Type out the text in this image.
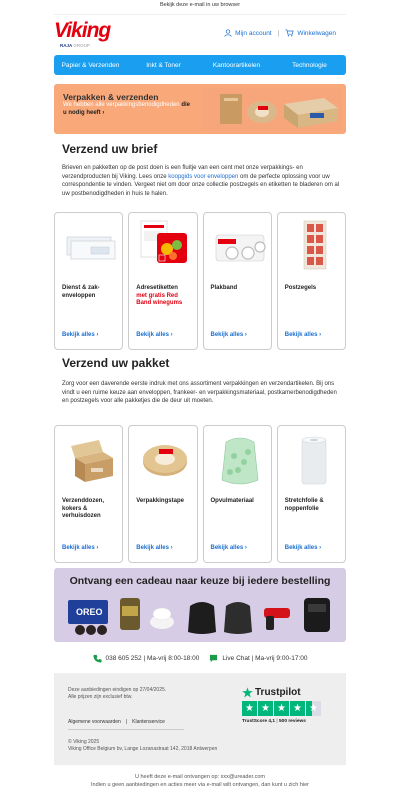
Bekijk deze e-mail in uw browser
Viking
RAJA GROUP
Mijn account |	Winkelwagen
Papier & Verzenden	Inkt & Toner	Kantoorartikelen	Technologie
Verpakken & verzenden
We hebben alle verpakkingsbenodigdheden die u nodig heeft ›
Verzend uw brief
Brieven en pakketten op de post doen is een fluitje van een cent met onze verpakkings- en verzendproducten bij Viking. Lees onze koopgids voor enveloppen om de perfecte oplossing voor uw correspondentie te vinden. Vergeet niet om door onze collectie postzegels en etiketten te bladeren om al uw postbenodigdheden in huis te halen.
Dienst & zak-enveloppen
Bekijk alles ›
Adresetiketten
met gratis Red Band winegums
Bekijk alles ›
Plakband
Bekijk alles ›
Postzegels
Bekijk alles ›
Verzend uw pakket
Zorg voor een daverende eerste indruk met ons assortiment verpakkingen en verzendartikelen. Bij ons vindt u een ruime keuze aan enveloppen, frankeer- en verpakkingsmateriaal, postkamerbenodigdheden en postzegels voor alle pakketjes die de deur uit moeten.
Verzenddozen, kokers & verhuisdozen
Bekijk alles ›
Verpakkingstape
Bekijk alles ›
Opvulmateriaal
Bekijk alles ›
Stretchfolie & noppenfolie
Bekijk alles ›
Ontvang een cadeau naar keuze bij iedere bestelling
OREO
038 605 252 | Ma-vrij 8:00-18:00	Live Chat | Ma-vrij 9:00-17:00
Deze aanbiedingen eindigen op 27/04/2025.
Alle prijzen zijn exclusief btw.
Algemene voorwaarden | Klantenservice
© Viking 2025
Viking Office Belgium bv, Lange Lozanastraat 142, 2018 Antwerpen
Trustpilot
★ ★ ★ ★ ★
TrustScore 4,1 | 500 reviews
U heeft deze e-mail ontvangen op: xxx@ureader.com
Indien u geen aanbiedingen en acties meer via e-mail wilt ontvangen, dan kunt u zich hier
